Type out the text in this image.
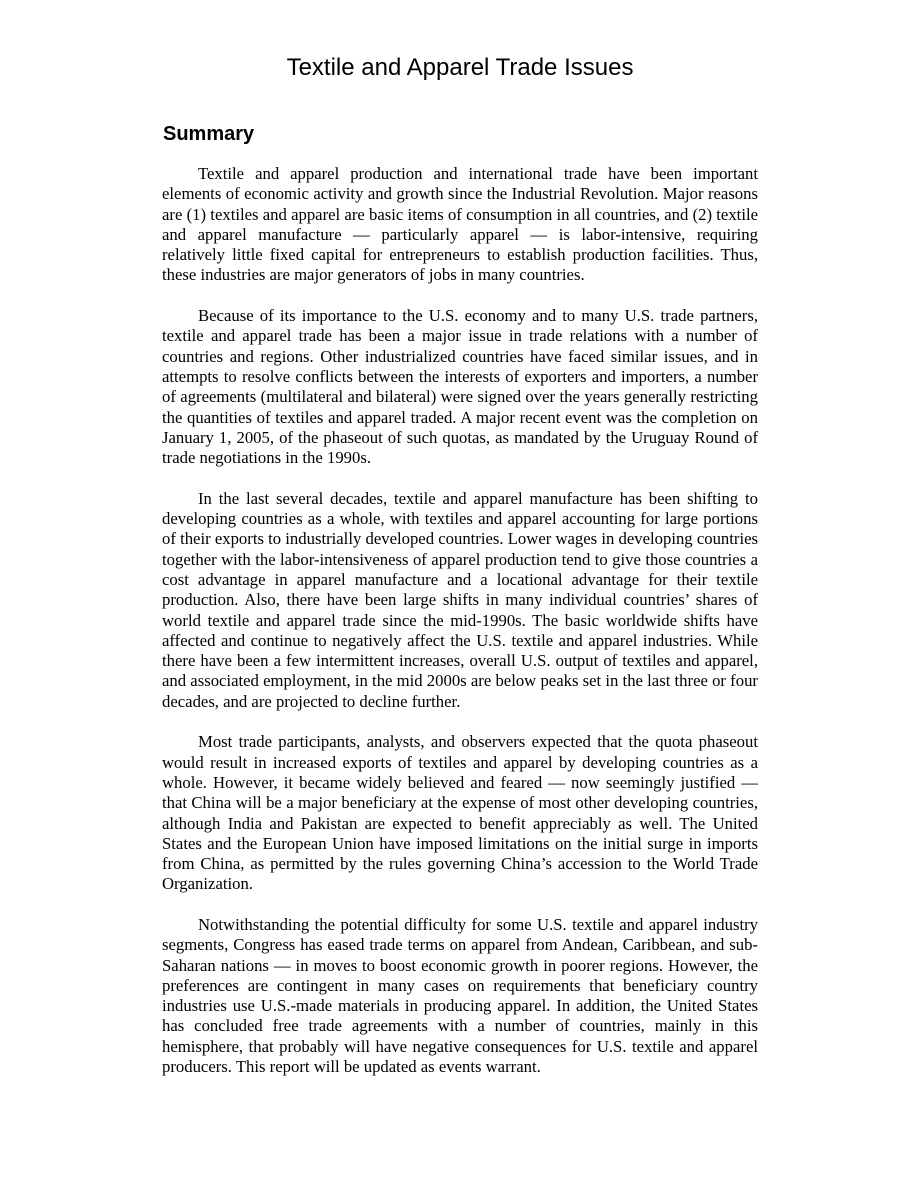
Textile and Apparel Trade Issues
Summary

Textile and apparel production and international trade have been important elements of economic activity and growth since the Industrial Revolution. Major reasons are (1) textiles and apparel are basic items of consumption in all countries, and (2) textile and apparel manufacture — particularly apparel — is labor-intensive, requiring relatively little fixed capital for entrepreneurs to establish production facilities. Thus, these industries are major generators of jobs in many countries.

Because of its importance to the U.S. economy and to many U.S. trade partners, textile and apparel trade has been a major issue in trade relations with a number of countries and regions. Other industrialized countries have faced similar issues, and in attempts to resolve conflicts between the interests of exporters and importers, a number of agreements (multilateral and bilateral) were signed over the years generally restricting the quantities of textiles and apparel traded. A major recent event was the completion on January 1, 2005, of the phaseout of such quotas, as mandated by the Uruguay Round of trade negotiations in the 1990s.

In the last several decades, textile and apparel manufacture has been shifting to developing countries as a whole, with textiles and apparel accounting for large portions of their exports to industrially developed countries. Lower wages in developing countries together with the labor-intensiveness of apparel production tend to give those countries a cost advantage in apparel manufacture and a locational advantage for their textile production. Also, there have been large shifts in many individual countries’ shares of world textile and apparel trade since the mid-1990s. The basic worldwide shifts have affected and continue to negatively affect the U.S. textile and apparel industries. While there have been a few intermittent increases, overall U.S. output of textiles and apparel, and associated employment, in the mid 2000s are below peaks set in the last three or four decades, and are projected to decline further.

Most trade participants, analysts, and observers expected that the quota phaseout would result in increased exports of textiles and apparel by developing countries as a whole. However, it became widely believed and feared — now seemingly justified — that China will be a major beneficiary at the expense of most other developing countries, although India and Pakistan are expected to benefit appreciably as well. The United States and the European Union have imposed limitations on the initial surge in imports from China, as permitted by the rules governing China’s accession to the World Trade Organization.

Notwithstanding the potential difficulty for some U.S. textile and apparel industry segments, Congress has eased trade terms on apparel from Andean, Caribbean, and sub-Saharan nations — in moves to boost economic growth in poorer regions. However, the preferences are contingent in many cases on requirements that beneficiary country industries use U.S.-made materials in producing apparel. In addition, the United States has concluded free trade agreements with a number of countries, mainly in this hemisphere, that probably will have negative consequences for U.S. textile and apparel producers. This report will be updated as events warrant.
